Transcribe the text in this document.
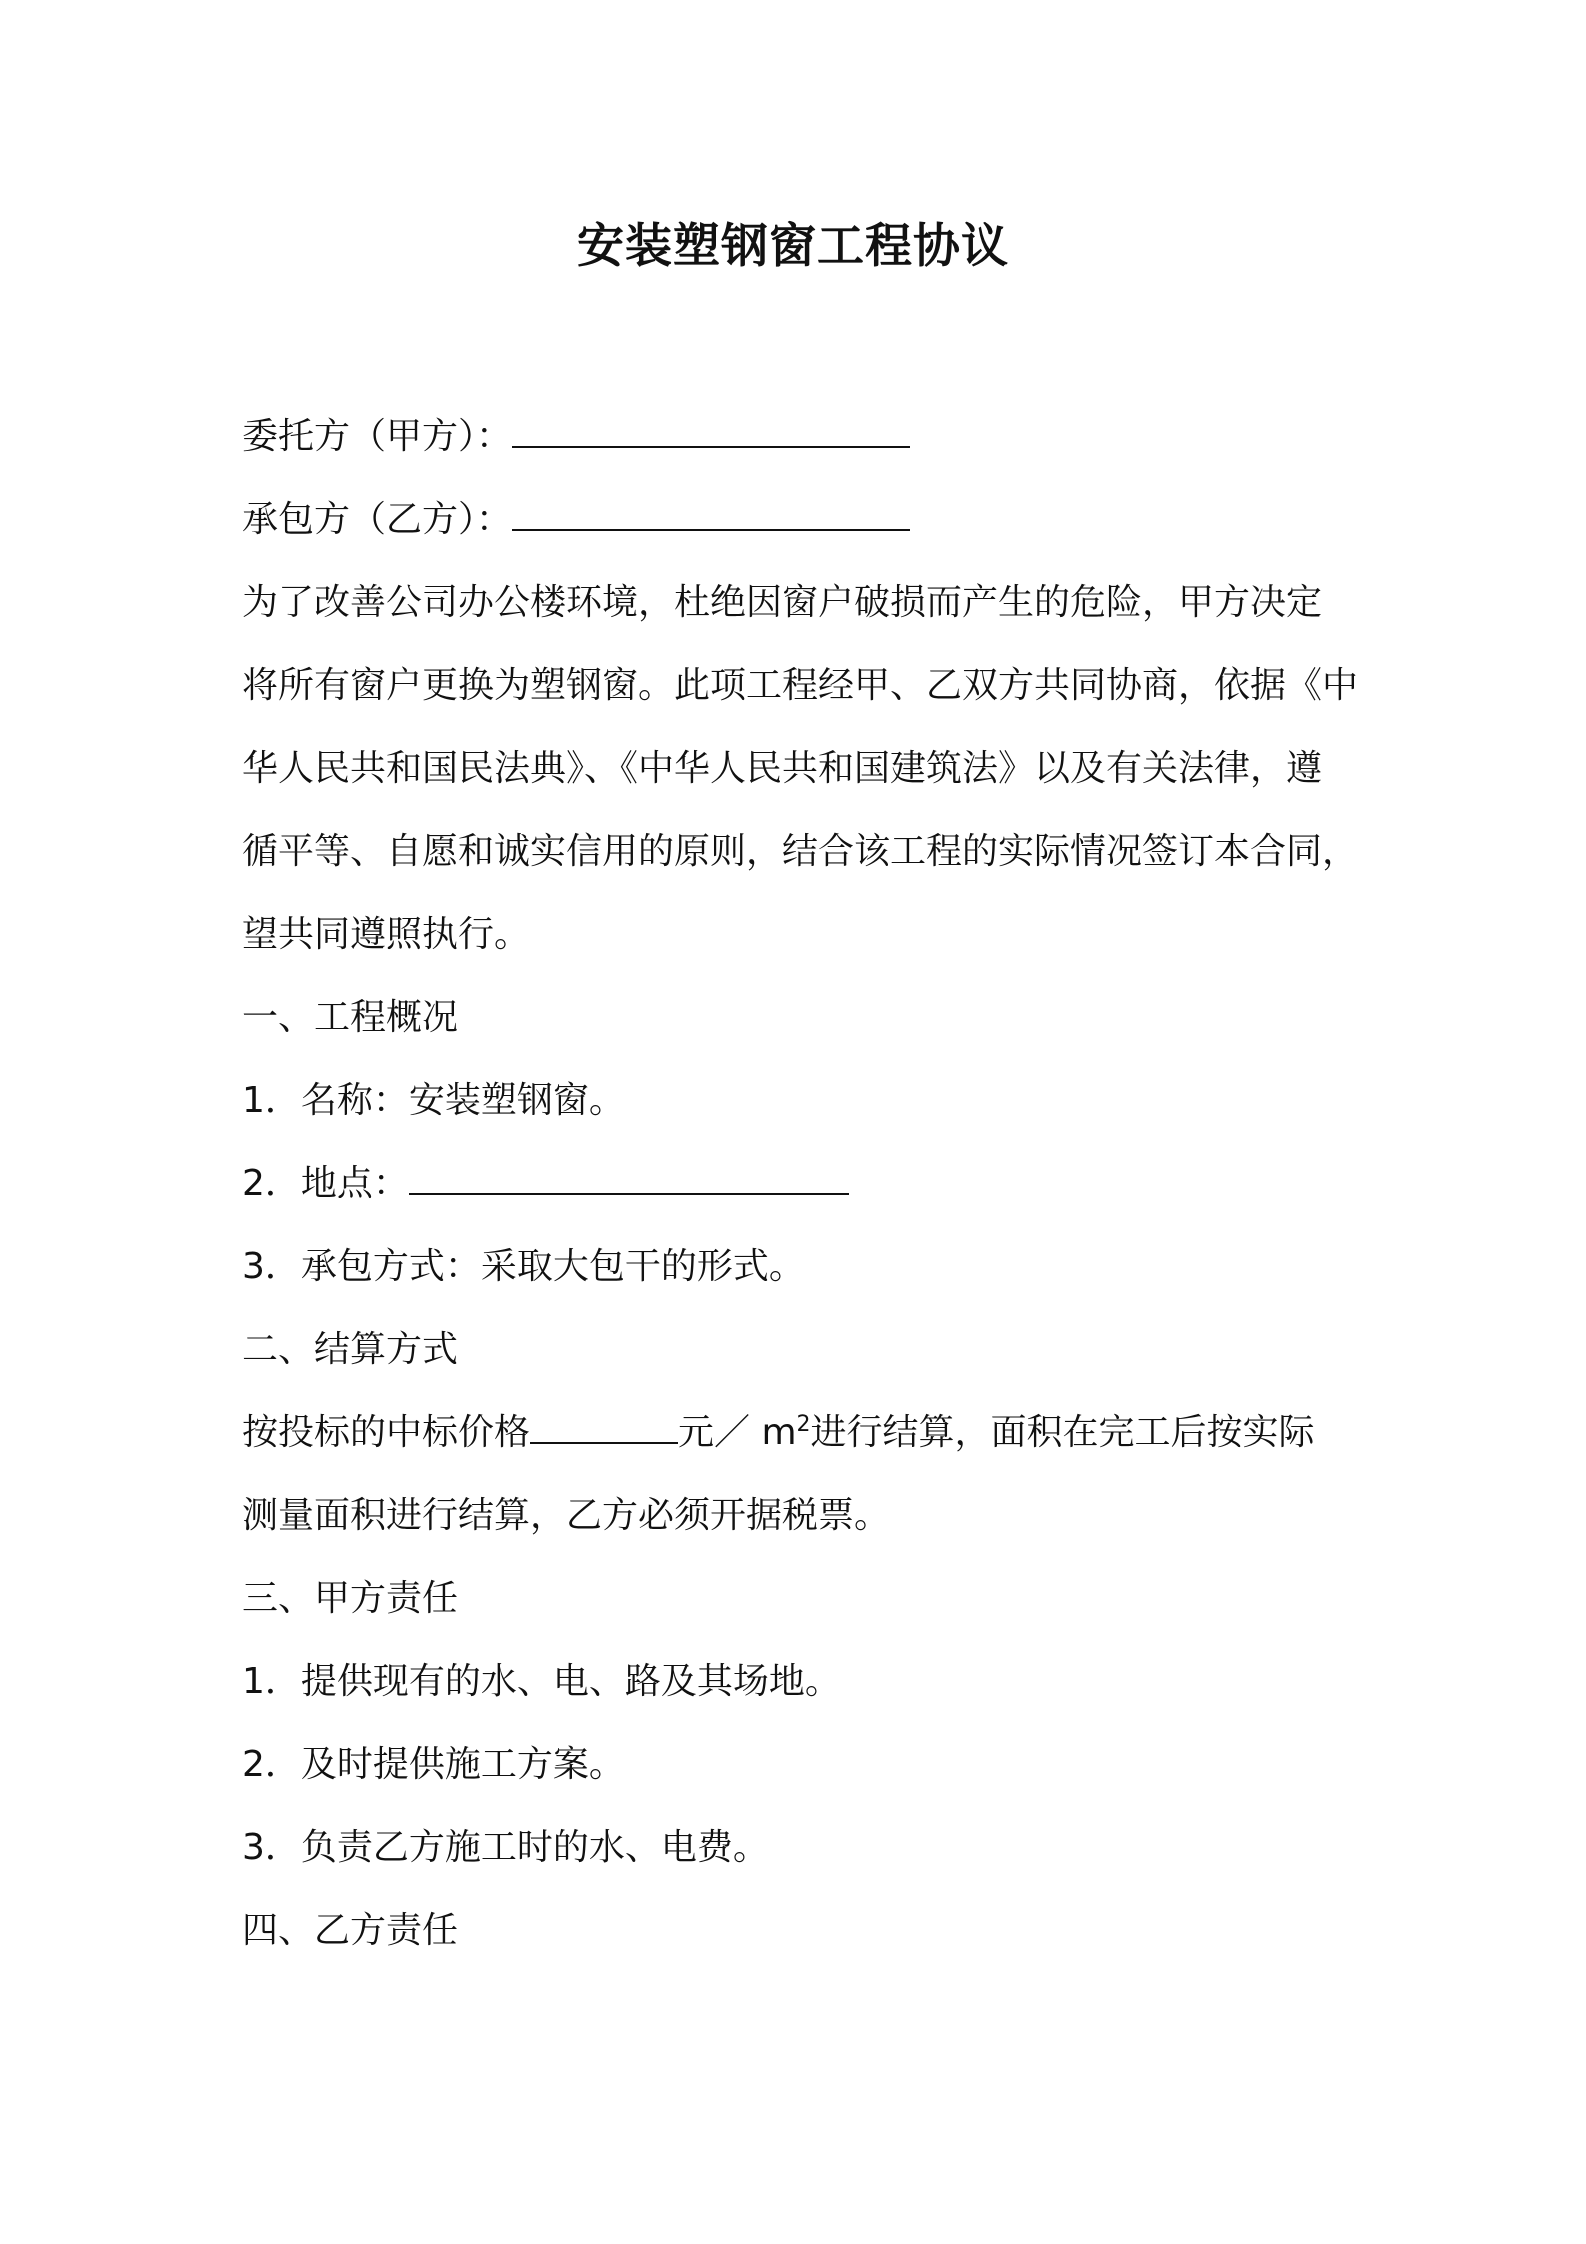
安装塑钢窗工程协议
委托方（甲方）：
承包方（乙方）：
为了改善公司办公楼环境，杜绝因窗户破损而产生的危险，甲方决定
将所有窗户更换为塑钢窗。此项工程经甲、乙双方共同协商，依据《中
华人民共和国民法典》、《中华人民共和国建筑法》以及有关法律，遵
循平等、自愿和诚实信用的原则，结合该工程的实际情况签订本合同，
望共同遵照执行。
一、工程概况
1．名称：安装塑钢窗。
2．地点：
3．承包方式：采取大包干的形式。
二、结算方式
按投标的中标价格	元／ $m^2$进行结算，面积在完工后按实际
测量面积进行结算，乙方必须开据税票。
三、甲方责任
1．提供现有的水、电、路及其场地。
2．及时提供施工方案。
3．负责乙方施工时的水、电费。
四、乙方责任
